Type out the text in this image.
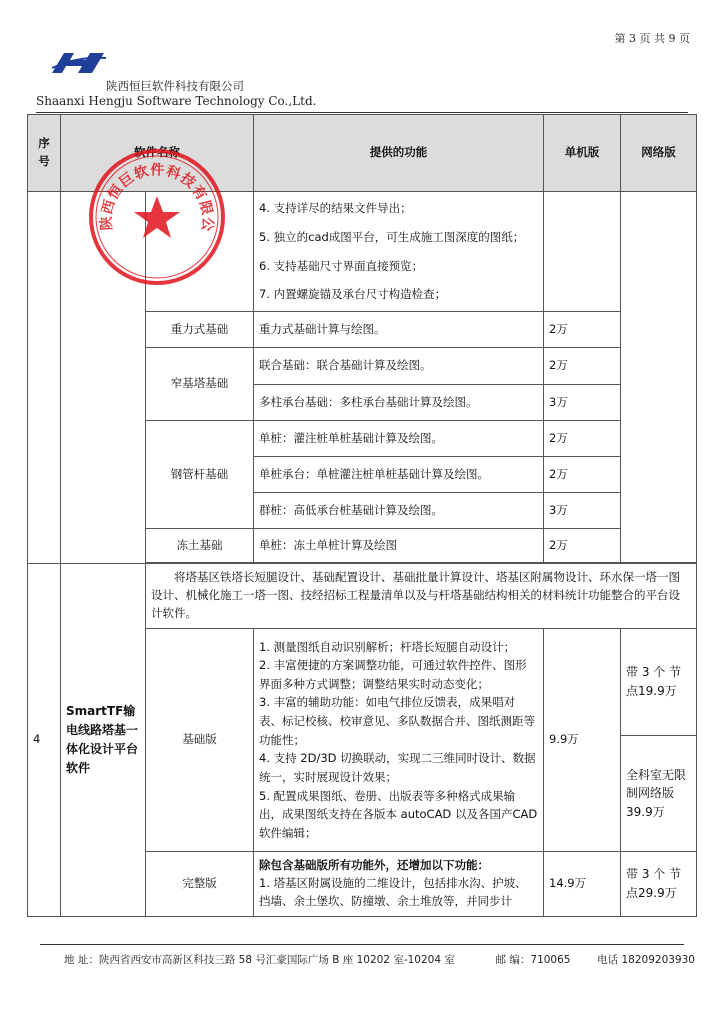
第 3 页 共 9 页
陕西恒巨软件科技有限公司
Shaanxi Hengju Software Technology Co.,Ltd.
序号	软件名称		提供的功能	单机版	网络版

			4. 支持详尽的结果文件导出；
5. 独立的cad成图平台，可生成施工图深度的图纸；
6. 支持基础尺寸界面直接预览；
7. 内置螺旋锚及承台尺寸构造检查；		

		重力式基础	重力式基础计算与绘图。	2万	
		窄基塔基础	联合基础：联合基础计算及绘图。	2万	
			多柱承台基础：多柱承台基础计算及绘图。	3万	
		钢管杆基础	单桩：灌注桩单桩基础计算及绘图。	2万	
			单桩承台：单桩灌注桩单桩基础计算及绘图。	2万	
			群桩：高低承台桩基础计算及绘图。	3万	
		冻土基础	单桩：冻土单桩计算及绘图	2万	

4	SmartTF输电线路塔基一体化设计平台软件	将塔基区铁塔长短腿设计、基础配置设计、基础批量计算设计、塔基区附属物设计、环水保一塔一图设计、机械化施工一塔一图、技经招标工程量清单以及与杆塔基础结构相关的材料统计功能整合的平台设计软件。			
		基础版	1. 测量图纸自动识别解析；杆塔长短腿自动设计；
2. 丰富便捷的方案调整功能，可通过软件控件、图形界面多种方式调整；调整结果实时动态变化；
3. 丰富的辅助功能：如电气排位反馈表，成果唱对表、标记校核、校审意见、多队数据合并、图纸测距等功能性；
4. 支持 2D/3D 切换联动，实现二三维同时设计、数据统一，实时展现设计效果；
5. 配置成果图纸、卷册、出版表等多种格式成果输出，成果图纸支持在各版本 autoCAD 以及各国产CAD 软件编辑；	9.9万	带 3 个 节点19.9万
					全科室无限制网络版39.9万
		完整版	除包含基础版所有功能外，还增加以下功能：
1. 塔基区附属设施的二维设计，包括排水沟、护坡、挡墙、余土堡坎、防撞墩、余土堆放等，并同步计	14.9万	带 3 个 节点29.9万
陕西恒巨软件科技有限公
地 址：陕西省西安市高新区科技三路 58 号汇豪国际广场 B 座 10202 室-10204 室	邮 编：710065	电话 18209203930
